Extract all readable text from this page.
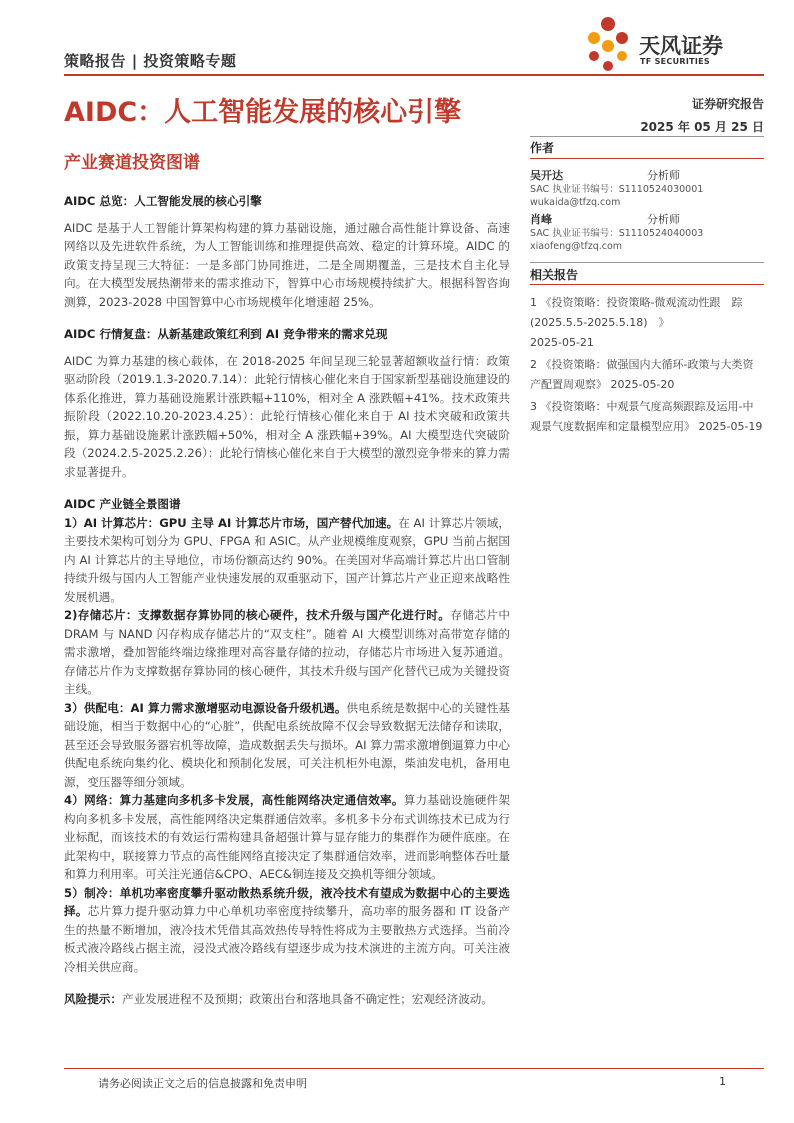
天风证券
TF SECURITIES
策略报告 | 投资策略专题
AIDC：人工智能发展的核心引擎	证券研究报告
2025 年 05 月 25 日
产业赛道投资图谱

AIDC 总览：人工智能发展的核心引擎

AIDC 是基于人工智能计算架构构建的算力基础设施，通过融合高性能计算设备、高速网络以及先进软件系统，为人工智能训练和推理提供高效、稳定的计算环境。AIDC 的政策支持呈现三大特征：一是多部门协同推进，二是全周期覆盖，三是技术自主化导向。在大模型发展热潮带来的需求推动下，智算中心市场规模持续扩大。根据科智咨询测算，2023-2028 中国智算中心市场规模年化增速超 25%。

AIDC 行情复盘：从新基建政策红利到 AI 竞争带来的需求兑现

AIDC 为算力基建的核心载体，在 2018-2025 年间呈现三轮显著超额收益行情：政策驱动阶段（2019.1.3-2020.7.14）：此轮行情核心催化来自于国家新型基础设施建设的体系化推进，算力基础设施累计涨跌幅+110%，相对全 A 涨跌幅+41%。技术政策共振阶段（2022.10.20-2023.4.25）：此轮行情核心催化来自于 AI 技术突破和政策共振，算力基础设施累计涨跌幅+50%，相对全 A 涨跌幅+39%。AI 大模型迭代突破阶段（2024.2.5-2025.2.26）：此轮行情核心催化来自于大模型的激烈竞争带来的算力需求显著提升。

AIDC 产业链全景图谱

1）AI 计算芯片：GPU 主导 AI 计算芯片市场，国产替代加速。在 AI 计算芯片领域，主要技术架构可划分为 GPU、FPGA 和 ASIC。从产业规模维度观察，GPU 当前占据国内 AI 计算芯片的主导地位，市场份额高达约 90%。在美国对华高端计算芯片出口管制持续升级与国内人工智能产业快速发展的双重驱动下，国产计算芯片产业正迎来战略性发展机遇。

2)存储芯片：支撑数据存算协同的核心硬件，技术升级与国产化进行时。存储芯片中 DRAM 与 NAND 闪存构成存储芯片的“双支柱”。随着 AI 大模型训练对高带宽存储的需求激增，叠加智能终端边缘推理对高容量存储的拉动，存储芯片市场进入复苏通道。存储芯片作为支撑数据存算协同的核心硬件，其技术升级与国产化替代已成为关键投资主线。

3）供配电：AI 算力需求激增驱动电源设备升级机遇。供电系统是数据中心的关键性基础设施，相当于数据中心的“心脏”，供配电系统故障不仅会导致数据无法储存和读取，甚至还会导致服务器宕机等故障，造成数据丢失与损坏。AI 算力需求激增倒逼算力中心供配电系统向集约化、模块化和预制化发展，可关注机柜外电源，柴油发电机，备用电源，变压器等细分领域。

4）网络：算力基建向多机多卡发展，高性能网络决定通信效率。算力基础设施硬件架构向多机多卡发展，高性能网络决定集群通信效率。多机多卡分布式训练技术已成为行业标配，而该技术的有效运行需构建具备超强计算与显存能力的集群作为硬件底座。在此架构中，联接算力节点的高性能网络直接决定了集群通信效率，进而影响整体吞吐量和算力利用率。可关注光通信&CPO、AEC&铜连接及交换机等细分领域。

5）制冷：单机功率密度攀升驱动散热系统升级，液冷技术有望成为数据中心的主要选择。芯片算力提升驱动算力中心单机功率密度持续攀升，高功率的服务器和 IT 设备产生的热量不断增加，液冷技术凭借其高效热传导特性将成为主要散热方式选择。当前冷板式液冷路线占据主流，浸没式液冷路线有望逐步成为技术演进的主流方向。可关注液冷相关供应商。

风险提示：产业发展进程不及预期；政策出台和落地具备不确定性；宏观经济波动。

作者
吴开达	分析师
SAC 执业证书编号：S1110524030001
wukaida@tfzq.com
肖峰	分析师
SAC 执业证书编号：S1110524040003
xiaofeng@tfzq.com
相关报告
1 《投资策略：投资策略-微观流动性跟　踪　(2025.5.5-2025.5.18)　》
2025-05-21
2 《投资策略：做强国内大循环-政策与大类资产配置周观察》 2025-05-20
3 《投资策略：中观景气度高频跟踪及运用-中观景气度数据库和定量模型应用》 2025-05-19
请务必阅读正文之后的信息披露和免责申明	1
